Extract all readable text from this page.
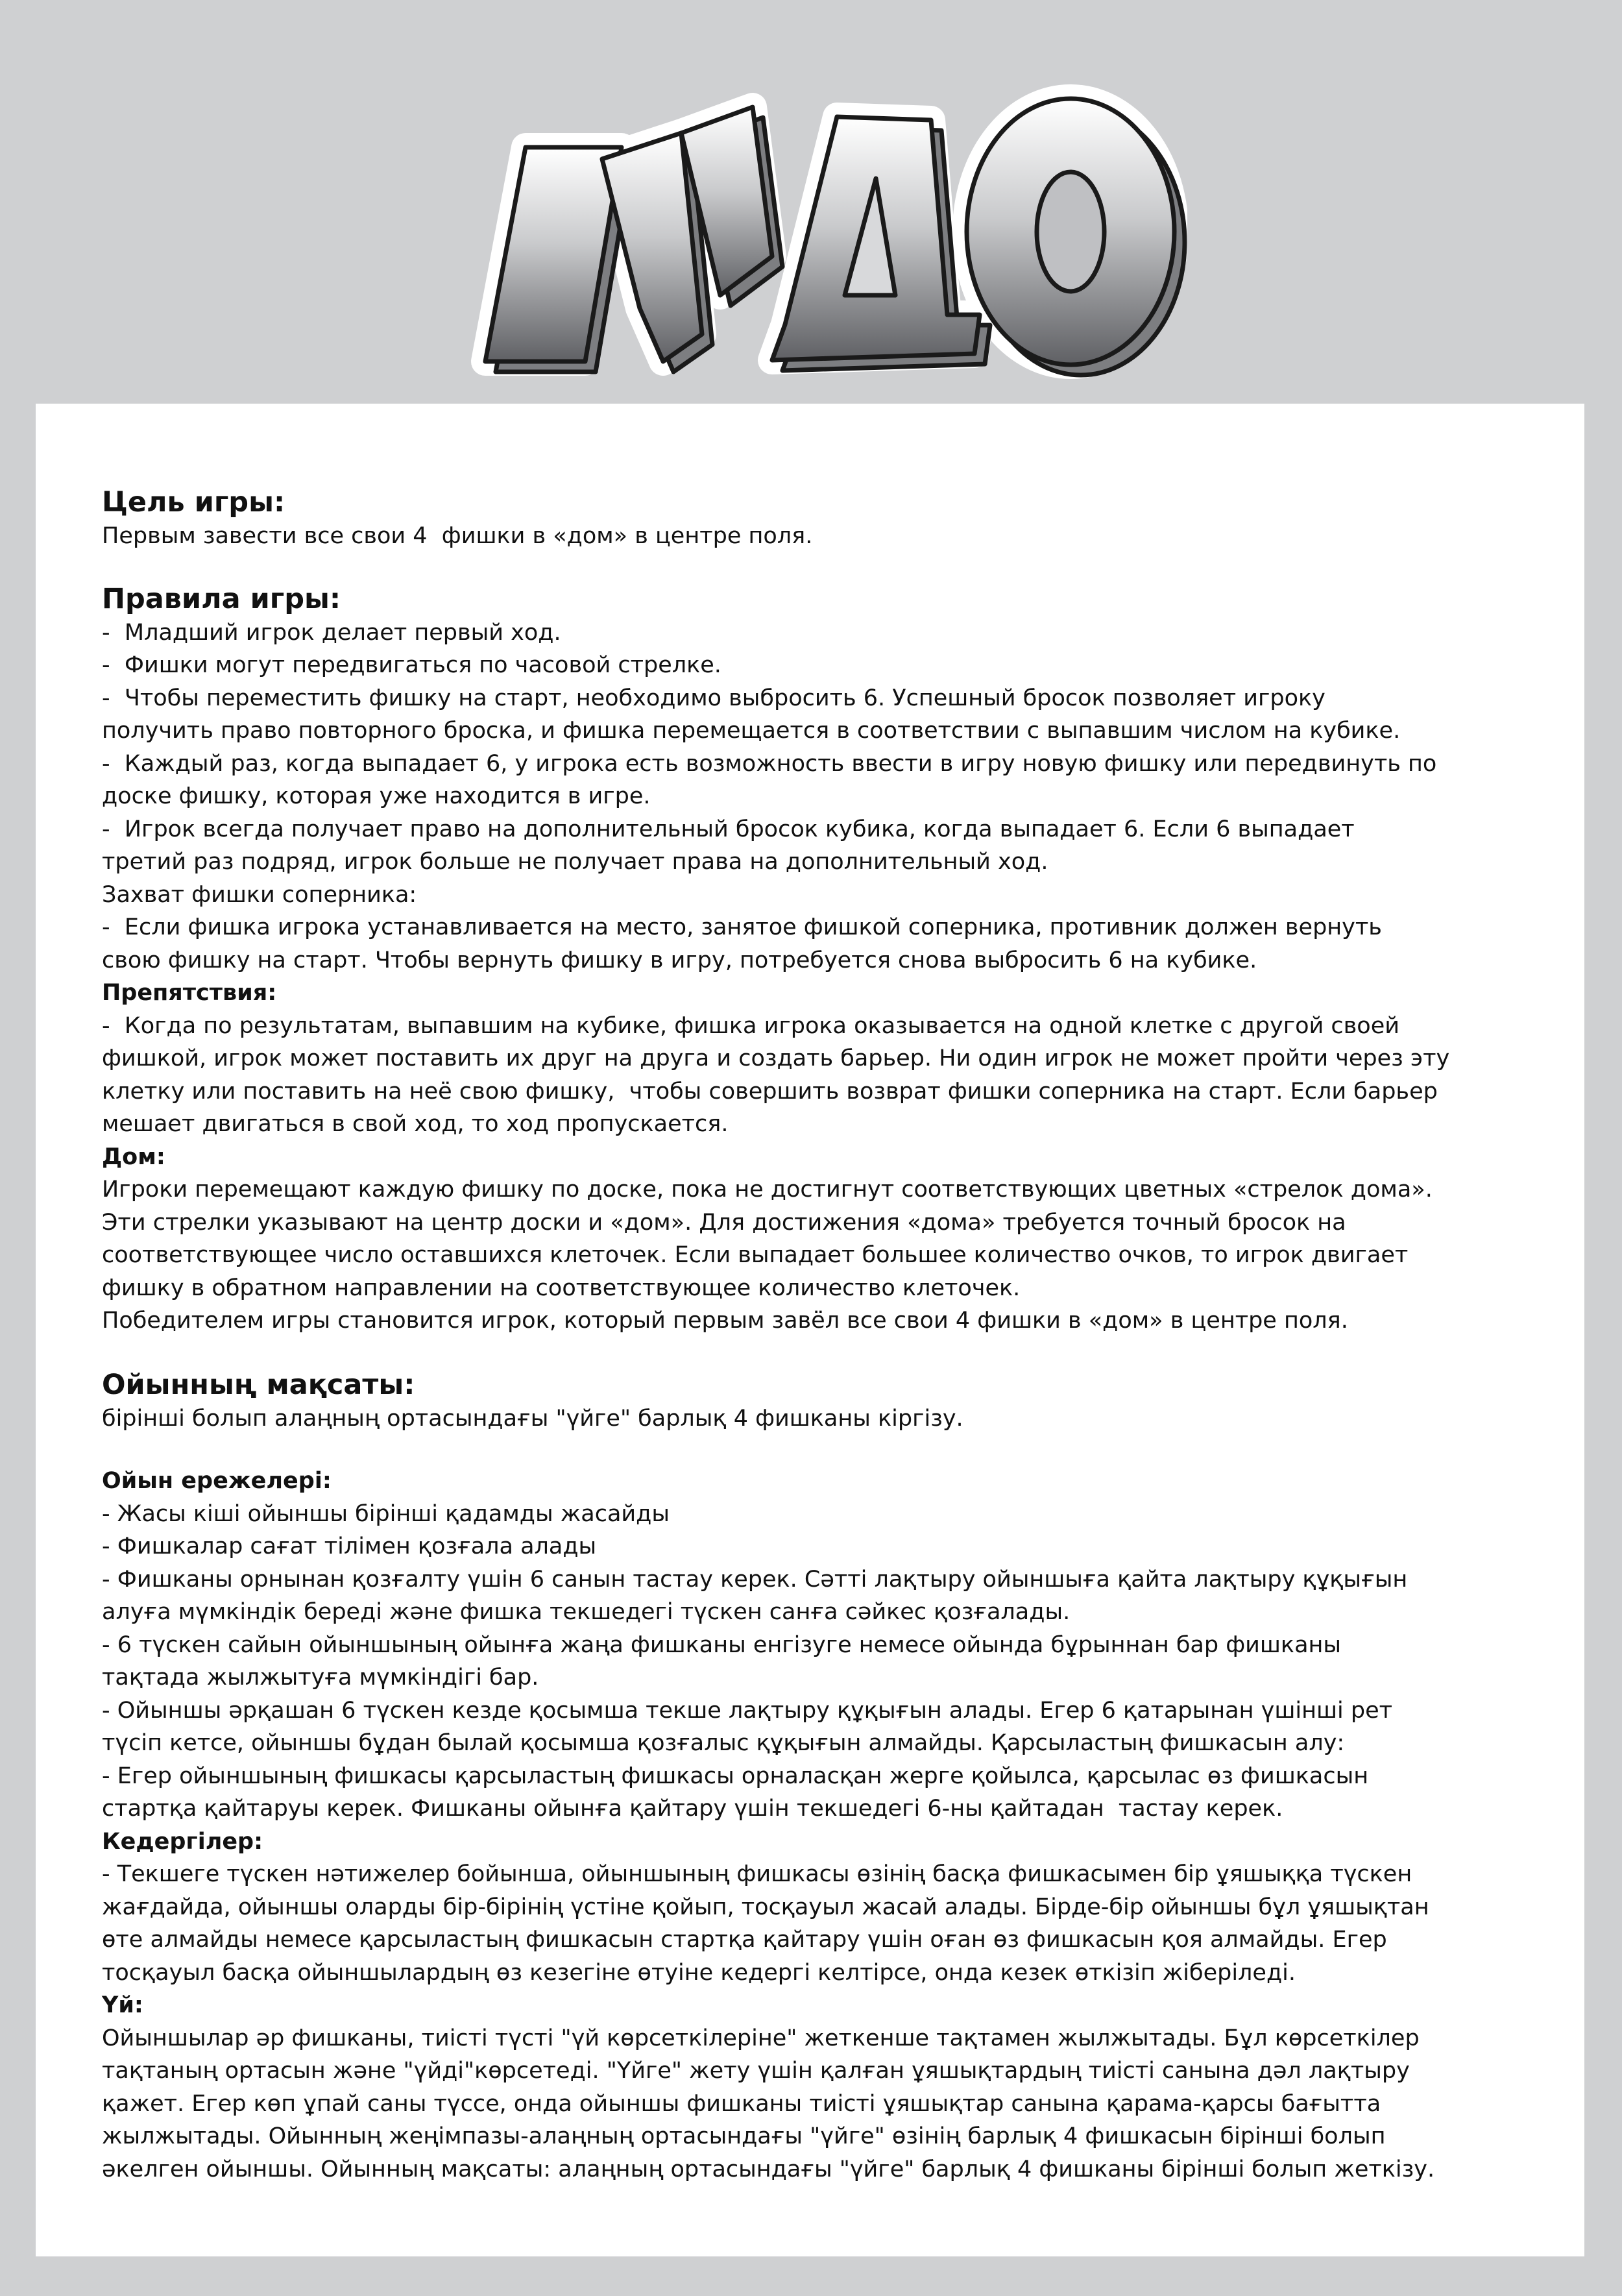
Цель игры:

Первым завести все свои 4  фишки в «дом» в центре поля.

Правила игры:

-  Младший игрок делает первый ход.

-  Фишки могут передвигаться по часовой стрелке.

-  Чтобы переместить фишку на старт, необходимо выбросить 6. Успешный бросок позволяет игроку

получить право повторного броска, и фишка перемещается в соответствии с выпавшим числом на кубике.

-  Каждый раз, когда выпадает 6, у игрока есть возможность ввести в игру новую фишку или передвинуть по

доске фишку, которая уже находится в игре.

-  Игрок всегда получает право на дополнительный бросок кубика, когда выпадает 6. Если 6 выпадает

третий раз подряд, игрок больше не получает права на дополнительный ход.

Захват фишки соперника:

-  Если фишка игрока устанавливается на место, занятое фишкой соперника, противник должен вернуть

свою фишку на старт. Чтобы вернуть фишку в игру, потребуется снова выбросить 6 на кубике.

Препятствия:

-  Когда по результатам, выпавшим на кубике, фишка игрока оказывается на одной клетке с другой своей

фишкой, игрок может поставить их друг на друга и создать барьер. Ни один игрок не может пройти через эту

клетку или поставить на неё свою фишку,  чтобы совершить возврат фишки соперника на старт. Если барьер

мешает двигаться в свой ход, то ход пропускается.

Дом:

Игроки перемещают каждую фишку по доске, пока не достигнут соответствующих цветных «стрелок дома».

Эти стрелки указывают на центр доски и «дом». Для достижения «дома» требуется точный бросок на

соответствующее число оставшихся клеточек. Если выпадает большее количество очков, то игрок двигает

фишку в обратном направлении на соответствующее количество клеточек.

Победителем игры становится игрок, который первым завёл все свои 4 фишки в «дом» в центре поля.

Ойынның мақсаты:

бірінші болып алаңның ортасындағы "үйге" барлық 4 фишканы кіргізу.

Ойын ережелері:

- Жасы кіші ойыншы бірінші қадамды жасайды

- Фишкалар сағат тілімен қозғала алады

- Фишканы орнынан қозғалту үшін 6 санын тастау керек. Сәтті лақтыру ойыншыға қайта лақтыру құқығын

алуға мүмкіндік береді және фишка текшедегі түскен санға сәйкес қозғалады.

- 6 түскен сайын ойыншының ойынға жаңа фишканы енгізуге немесе ойында бұрыннан бар фишканы

тақтада жылжытуға мүмкіндігі бар.

- Ойыншы әрқашан 6 түскен кезде қосымша текше лақтыру құқығын алады. Егер 6 қатарынан үшінші рет

түсіп кетсе, ойыншы бұдан былай қосымша қозғалыс құқығын алмайды. Қарсыластың фишкасын алу:

- Егер ойыншының фишкасы қарсыластың фишкасы орналасқан жерге қойылса, қарсылас өз фишкасын

стартқа қайтаруы керек. Фишканы ойынға қайтару үшін текшедегі 6-ны қайтадан  тастау керек.

Кедергілер:

- Текшеге түскен нәтижелер бойынша, ойыншының фишкасы өзінің басқа фишкасымен бір ұяшыққа түскен

жағдайда, ойыншы оларды бір-бірінің үстіне қойып, тосқауыл жасай алады. Бірде-бір ойыншы бұл ұяшықтан

өте алмайды немесе қарсыластың фишкасын стартқа қайтару үшін оған өз фишкасын қоя алмайды. Егер

тосқауыл басқа ойыншылардың өз кезегіне өтуіне кедергі келтірсе, онда кезек өткізіп жіберіледі.

Үй:

Ойыншылар әр фишканы, тиісті түсті "үй көрсеткілеріне" жеткенше тақтамен жылжытады. Бұл көрсеткілер

тақтаның ортасын және "үйді"көрсетеді. "Үйге" жету үшін қалған ұяшықтардың тиісті санына дәл лақтыру

қажет. Егер көп ұпай саны түссе, онда ойыншы фишканы тиісті ұяшықтар санына қарама-қарсы бағытта

жылжытады. Ойынның жеңімпазы-алаңның ортасындағы "үйге" өзінің барлық 4 фишкасын бірінші болып

әкелген ойыншы. Ойынның мақсаты: алаңның ортасындағы "үйге" барлық 4 фишканы бірінші болып жеткізу.
